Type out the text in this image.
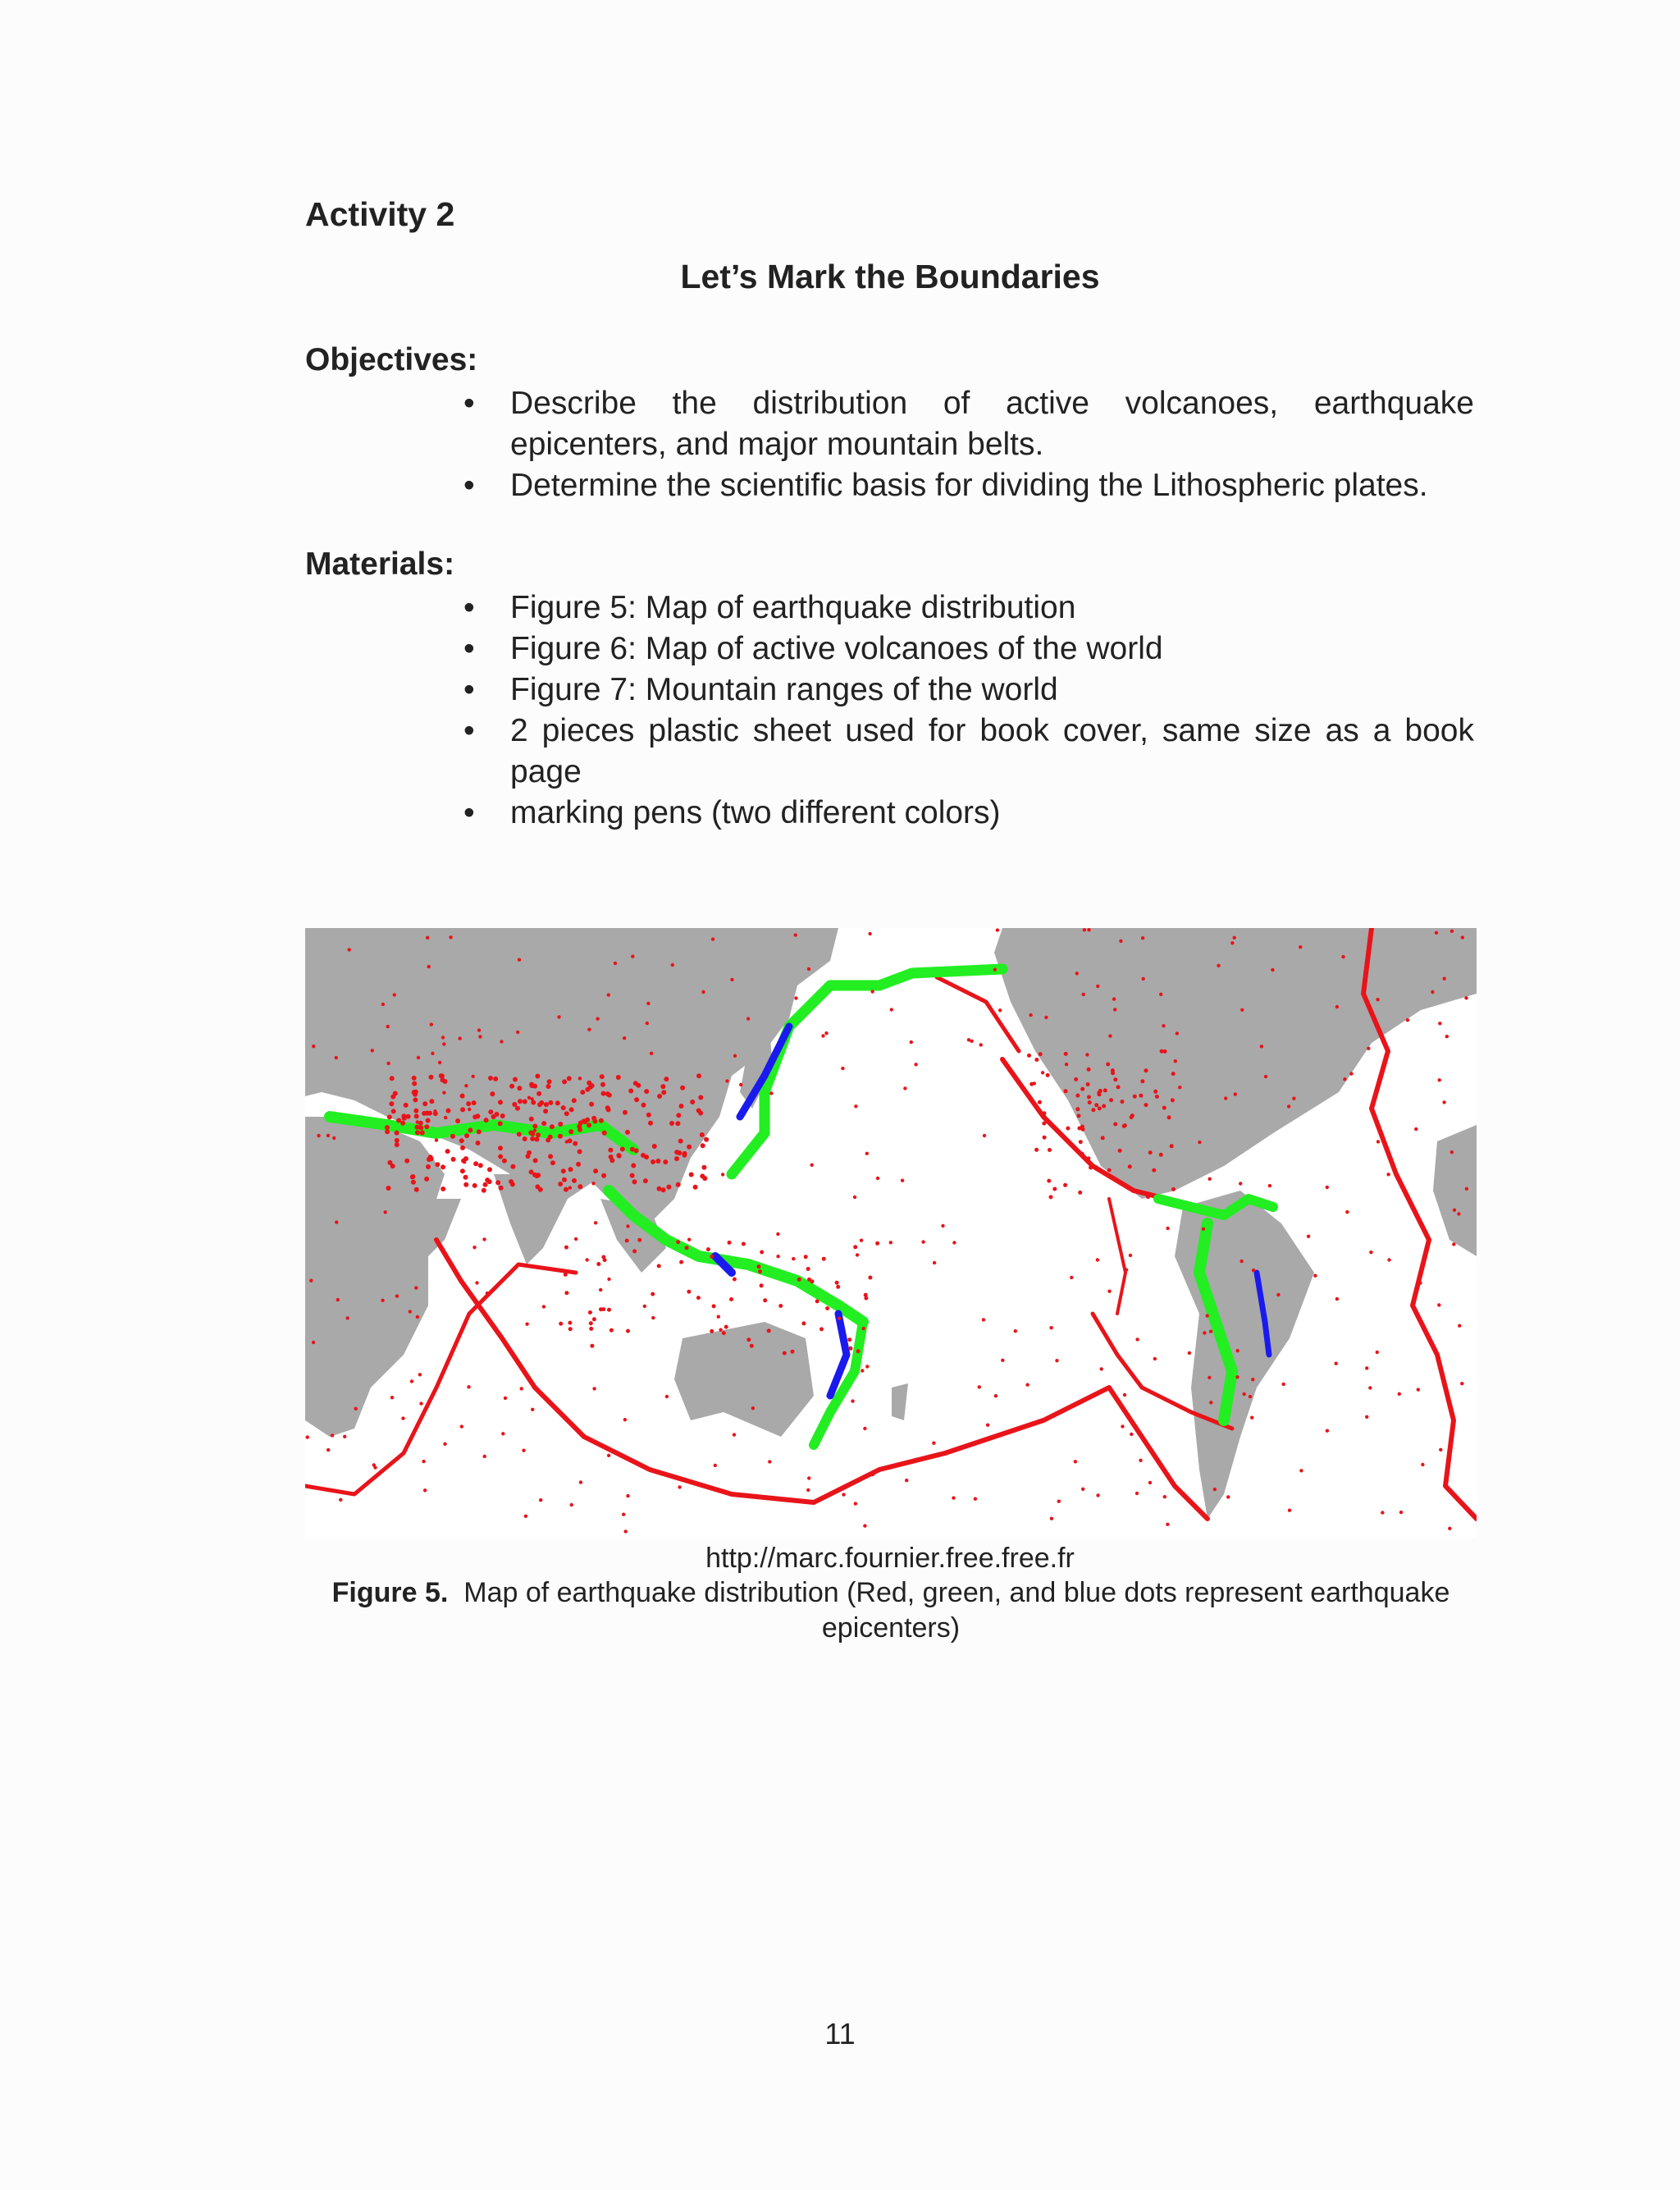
Activity 2
Let’s Mark the Boundaries
Objectives:
• Describe the distribution of active volcanoes, earthquake epicenters, and major mountain belts.
• Determine the scientific basis for dividing the Lithospheric plates.
Materials:
• Figure 5: Map of earthquake distribution
• Figure 6: Map of active volcanoes of the world
• Figure 7: Mountain ranges of the world
• 2 pieces plastic sheet used for book cover, same size as a book page
• marking pens (two different colors)

http://marc.fournier.free.free.fr

Figure 5. Map of earthquake distribution (Red, green, and blue dots represent earthquake epicenters)

11
